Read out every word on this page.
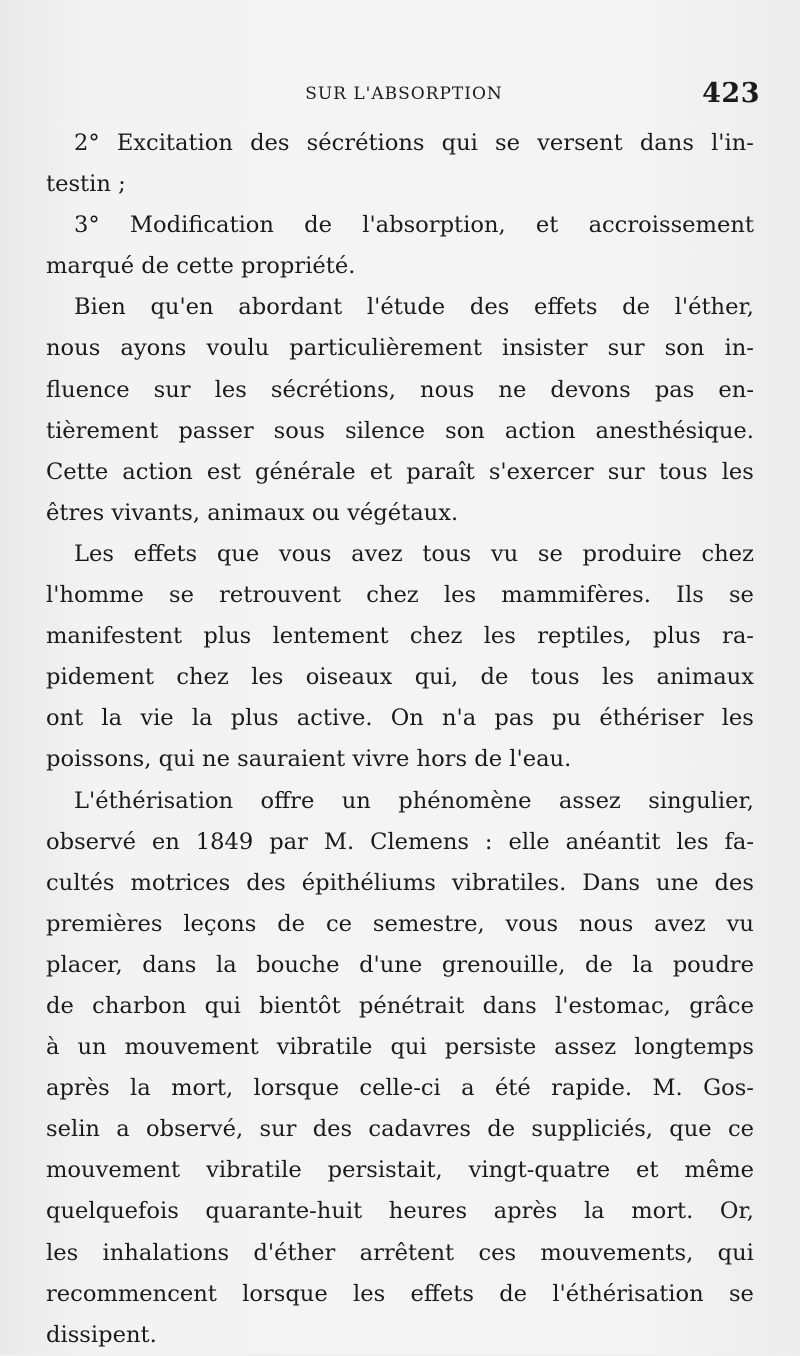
SUR L'ABSORPTION	423
2° Excitation des sécrétions qui se versent dans l'in-
testin ;
3° Modification de l'absorption, et accroissement
marqué de cette propriété.
Bien qu'en abordant l'étude des effets de l'éther,
nous ayons voulu particulièrement insister sur son in-
fluence sur les sécrétions, nous ne devons pas en-
tièrement passer sous silence son action anesthésique.
Cette action est générale et paraît s'exercer sur tous les
êtres vivants, animaux ou végétaux.
Les effets que vous avez tous vu se produire chez
l'homme se retrouvent chez les mammifères. Ils se
manifestent plus lentement chez les reptiles, plus ra-
pidement chez les oiseaux qui, de tous les animaux
ont la vie la plus active. On n'a pas pu éthériser les
poissons, qui ne sauraient vivre hors de l'eau.
L'éthérisation offre un phénomène assez singulier,
observé en 1849 par M. Clemens : elle anéantit les fa-
cultés motrices des épithéliums vibratiles. Dans une des
premières leçons de ce semestre, vous nous avez vu
placer, dans la bouche d'une grenouille, de la poudre
de charbon qui bientôt pénétrait dans l'estomac, grâce
à un mouvement vibratile qui persiste assez longtemps
après la mort, lorsque celle-ci a été rapide. M. Gos-
selin a observé, sur des cadavres de suppliciés, que ce
mouvement vibratile persistait, vingt-quatre et même
quelquefois quarante-huit heures après la mort. Or,
les inhalations d'éther arrêtent ces mouvements, qui
recommencent lorsque les effets de l'éthérisation se
dissipent.
